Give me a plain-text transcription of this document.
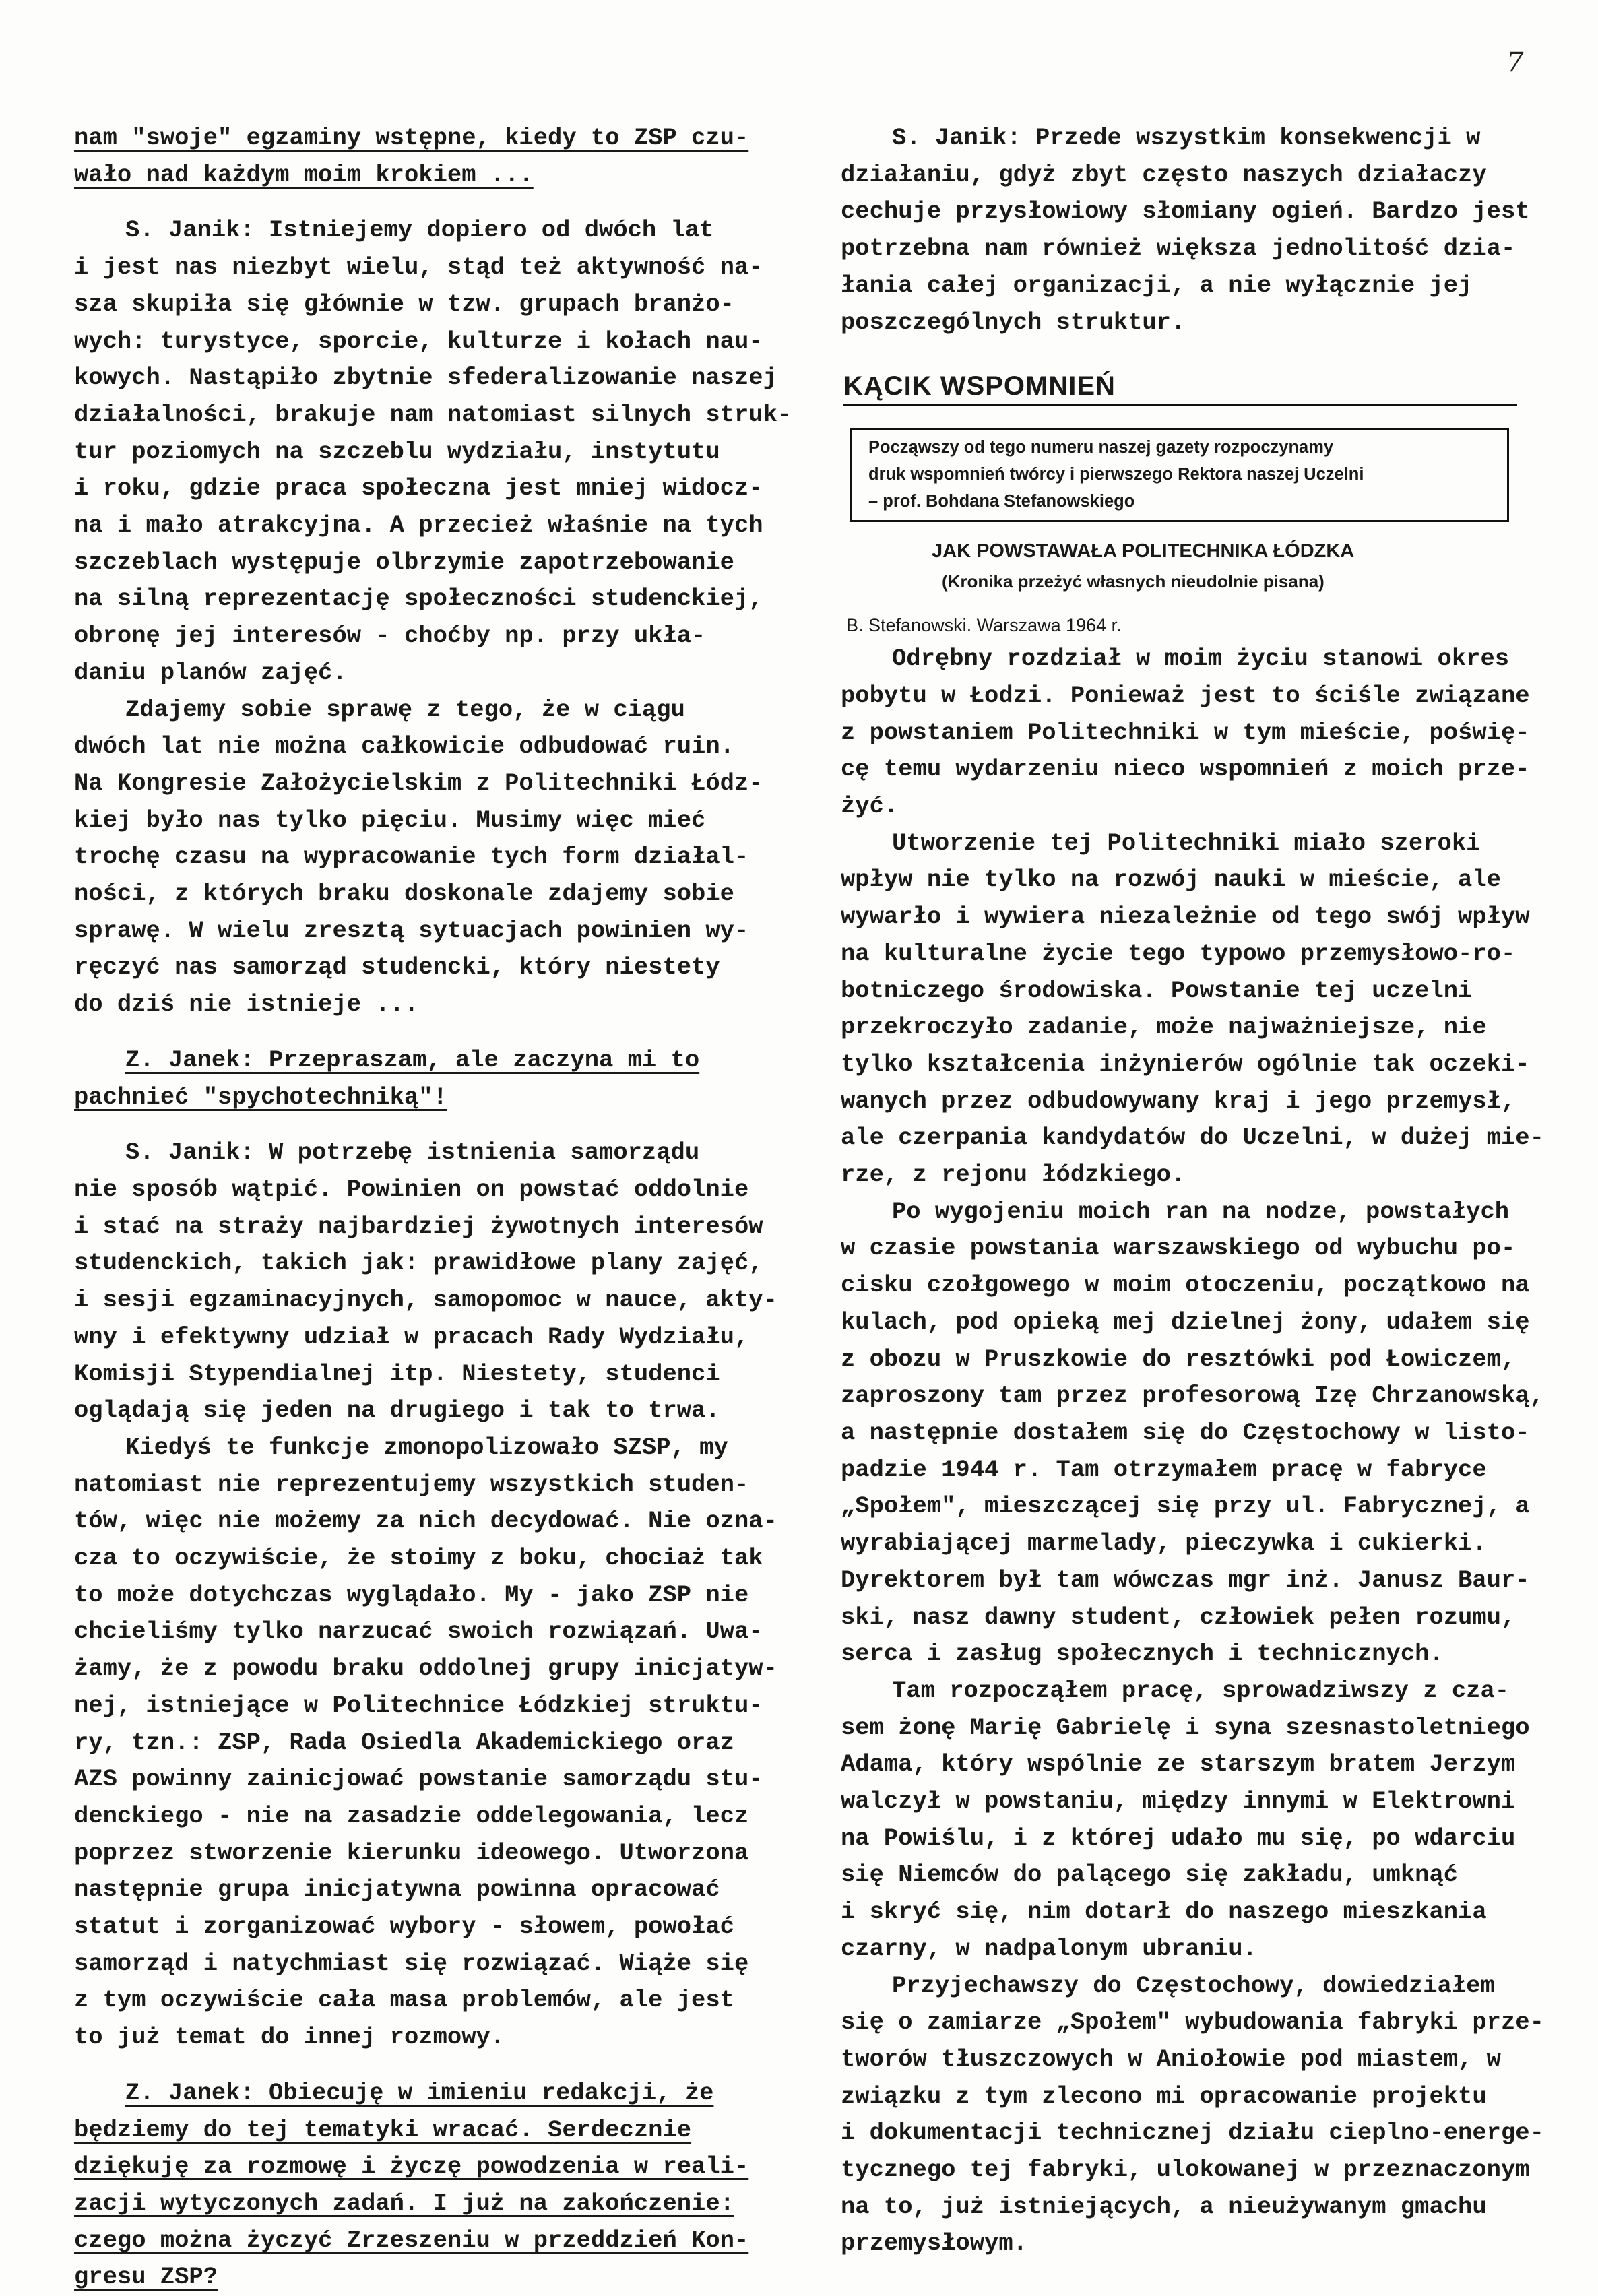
7
nam "swoje" egzaminy wstępne, kiedy to ZSP czu-
wało nad każdym moim krokiem ...
S. Janik: Istniejemy dopiero od dwóch lat
i jest nas niezbyt wielu, stąd też aktywność na-
sza skupiła się głównie w tzw. grupach branżo-
wych: turystyce, sporcie, kulturze i kołach nau-
kowych. Nastąpiło zbytnie sfederalizowanie naszej
działalności, brakuje nam natomiast silnych struk-
tur poziomych na szczeblu wydziału, instytutu
i roku, gdzie praca społeczna jest mniej widocz-
na i mało atrakcyjna. A przecież właśnie na tych
szczeblach występuje olbrzymie zapotrzebowanie
na silną reprezentację społeczności studenckiej,
obronę jej interesów - choćby np. przy ukła-
daniu planów zajęć.
Zdajemy sobie sprawę z tego, że w ciągu
dwóch lat nie można całkowicie odbudować ruin.
Na Kongresie Założycielskim z Politechniki Łódz-
kiej było nas tylko pięciu. Musimy więc mieć
trochę czasu na wypracowanie tych form działal-
ności, z których braku doskonale zdajemy sobie
sprawę. W wielu zresztą sytuacjach powinien wy-
ręczyć nas samorząd studencki, który niestety
do dziś nie istnieje ...
Z. Janek: Przepraszam, ale zaczyna mi to
pachnieć "spychotechniką"!
S. Janik: W potrzebę istnienia samorządu
nie sposób wątpić. Powinien on powstać oddolnie
i stać na straży najbardziej żywotnych interesów
studenckich, takich jak: prawidłowe plany zajęć,
i sesji egzaminacyjnych, samopomoc w nauce, akty-
wny i efektywny udział w pracach Rady Wydziału,
Komisji Stypendialnej itp. Niestety, studenci
oglądają się jeden na drugiego i tak to trwa.
Kiedyś te funkcje zmonopolizowało SZSP, my
natomiast nie reprezentujemy wszystkich studen-
tów, więc nie możemy za nich decydować. Nie ozna-
cza to oczywiście, że stoimy z boku, chociaż tak
to może dotychczas wyglądało. My - jako ZSP nie
chcieliśmy tylko narzucać swoich rozwiązań. Uwa-
żamy, że z powodu braku oddolnej grupy inicjatyw-
nej, istniejące w Politechnice Łódzkiej struktu-
ry, tzn.: ZSP, Rada Osiedla Akademickiego oraz
AZS powinny zainicjować powstanie samorządu stu-
denckiego - nie na zasadzie oddelegowania, lecz
poprzez stworzenie kierunku ideowego. Utworzona
następnie grupa inicjatywna powinna opracować
statut i zorganizować wybory - słowem, powołać
samorząd i natychmiast się rozwiązać. Wiąże się
z tym oczywiście cała masa problemów, ale jest
to już temat do innej rozmowy.
Z. Janek: Obiecuję w imieniu redakcji, że
będziemy do tej tematyki wracać. Serdecznie
dziękuję za rozmowę i życzę powodzenia w reali-
zacji wytyczonych zadań. I już na zakończenie:
czego można życzyć Zrzeszeniu w przeddzień Kon-
gresu ZSP?
S. Janik: Przede wszystkim konsekwencji w
działaniu, gdyż zbyt często naszych działaczy
cechuje przysłowiowy słomiany ogień. Bardzo jest
potrzebna nam również większa jednolitość dzia-
łania całej organizacji, a nie wyłącznie jej
poszczególnych struktur.
KĄCIK WSPOMNIEŃ
Począwszy od tego numeru naszej gazety rozpoczynamy
druk wspomnień twórcy i pierwszego Rektora naszej Uczelni
– prof. Bohdana Stefanowskiego
JAK POWSTAWAŁA POLITECHNIKA ŁÓDZKA
(Kronika przeżyć własnych nieudolnie pisana)
B. Stefanowski. Warszawa 1964 r.
Odrębny rozdział w moim życiu stanowi okres
pobytu w Łodzi. Ponieważ jest to ściśle związane
z powstaniem Politechniki w tym mieście, poświę-
cę temu wydarzeniu nieco wspomnień z moich prze-
żyć.
Utworzenie tej Politechniki miało szeroki
wpływ nie tylko na rozwój nauki w mieście, ale
wywarło i wywiera niezależnie od tego swój wpływ
na kulturalne życie tego typowo przemysłowo-ro-
botniczego środowiska. Powstanie tej uczelni
przekroczyło zadanie, może najważniejsze, nie
tylko kształcenia inżynierów ogólnie tak oczeki-
wanych przez odbudowywany kraj i jego przemysł,
ale czerpania kandydatów do Uczelni, w dużej mie-
rze, z rejonu łódzkiego.
Po wygojeniu moich ran na nodze, powstałych
w czasie powstania warszawskiego od wybuchu po-
cisku czołgowego w moim otoczeniu, początkowo na
kulach, pod opieką mej dzielnej żony, udałem się
z obozu w Pruszkowie do resztówki pod Łowiczem,
zaproszony tam przez profesorową Izę Chrzanowską,
a następnie dostałem się do Częstochowy w listo-
padzie 1944 r. Tam otrzymałem pracę w fabryce
„Społem", mieszczącej się przy ul. Fabrycznej, a
wyrabiającej marmelady, pieczywka i cukierki.
Dyrektorem był tam wówczas mgr inż. Janusz Baur-
ski, nasz dawny student, człowiek pełen rozumu,
serca i zasług społecznych i technicznych.
Tam rozpocząłem pracę, sprowadziwszy z cza-
sem żonę Marię Gabrielę i syna szesnastoletniego
Adama, który wspólnie ze starszym bratem Jerzym
walczył w powstaniu, między innymi w Elektrowni
na Powiślu, i z której udało mu się, po wdarciu
się Niemców do palącego się zakładu, umknąć
i skryć się, nim dotarł do naszego mieszkania
czarny, w nadpalonym ubraniu.
Przyjechawszy do Częstochowy, dowiedziałem
się o zamiarze „Społem" wybudowania fabryki prze-
tworów tłuszczowych w Aniołowie pod miastem, w
związku z tym zlecono mi opracowanie projektu
i dokumentacji technicznej działu cieplno-energe-
tycznego tej fabryki, ulokowanej w przeznaczonym
na to, już istniejących, a nieużywanym gmachu
przemysłowym.
